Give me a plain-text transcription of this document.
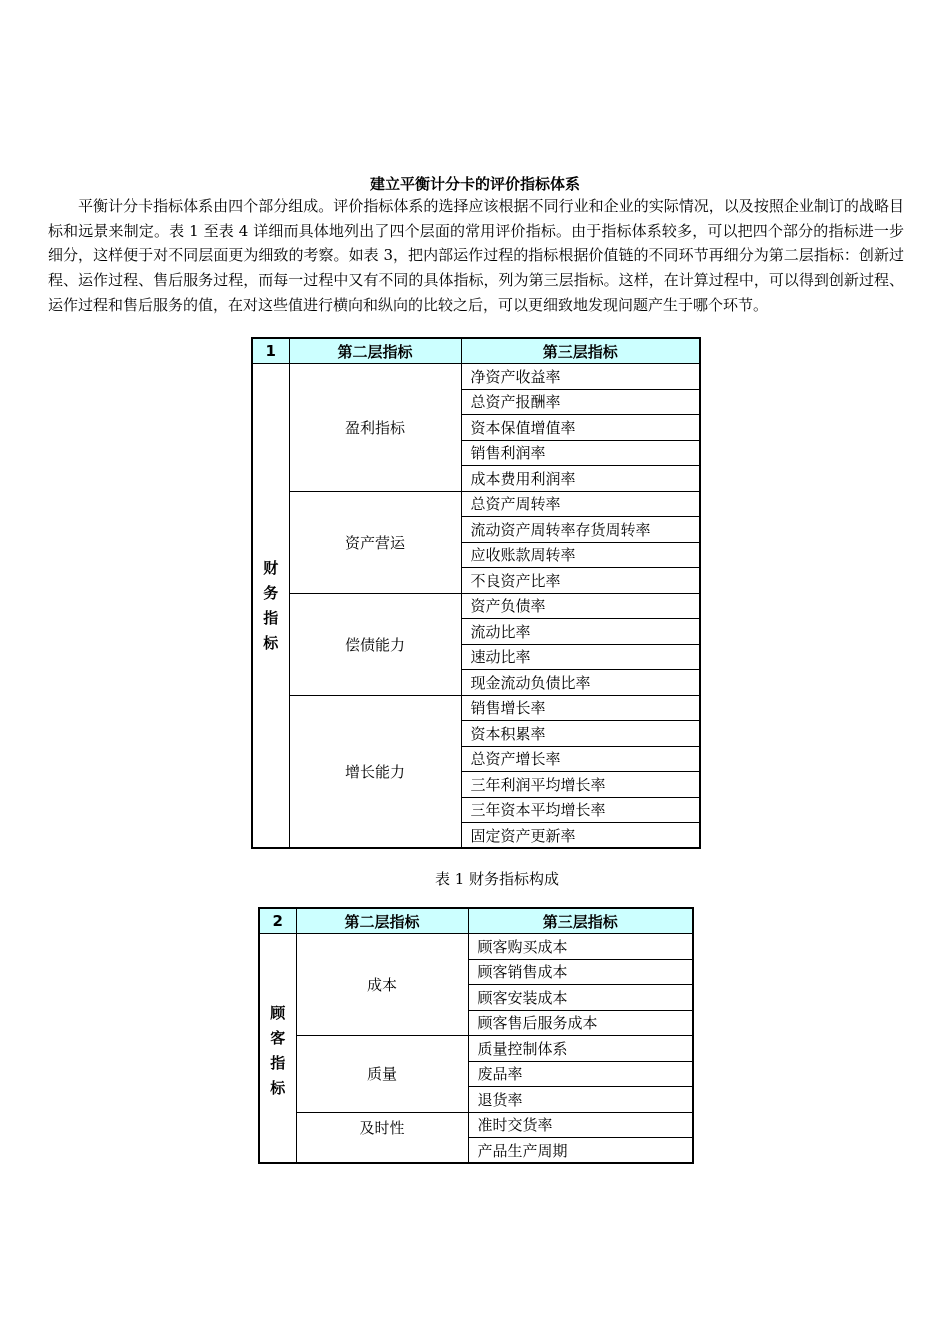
建立平衡计分卡的评价指标体系

平衡计分卡指标体系由四个部分组成。评价指标体系的选择应该根据不同行业和企业的实际情况，以及按照企业制订的战略目标和远景来制定。表 1 至表 4 详细而具体地列出了四个层面的常用评价指标。由于指标体系较多，可以把四个部分的指标进一步细分，这样便于对不同层面更为细致的考察。如表 3，把内部运作过程的指标根据价值链的不同环节再细分为第二层指标：创新过程、运作过程、售后服务过程，而每一过程中又有不同的具体指标，列为第三层指标。这样，在计算过程中，可以得到创新过程、运作过程和售后服务的值，在对这些值进行横向和纵向的比较之后，可以更细致地发现问题产生于哪个环节。

1	第二层指标	第三层指标
财务指标	盈利指标	净资产收益率
		总资产报酬率
		资本保值增值率
		销售利润率
		成本费用利润率
	资产营运	总资产周转率
		流动资产周转率存货周转率
		应收账款周转率
		不良资产比率
	偿债能力	资产负债率
		流动比率
		速动比率
		现金流动负债比率
	增长能力	销售增长率
		资本积累率
		总资产增长率
		三年利润平均增长率
		三年资本平均增长率
		固定资产更新率
表 1 财务指标构成
2	第二层指标	第三层指标
顾客指标	成本	顾客购买成本
		顾客销售成本
		顾客安装成本
		顾客售后服务成本
	质量	质量控制体系
		废品率
		退货率
	及时性	准时交货率
		产品生产周期
